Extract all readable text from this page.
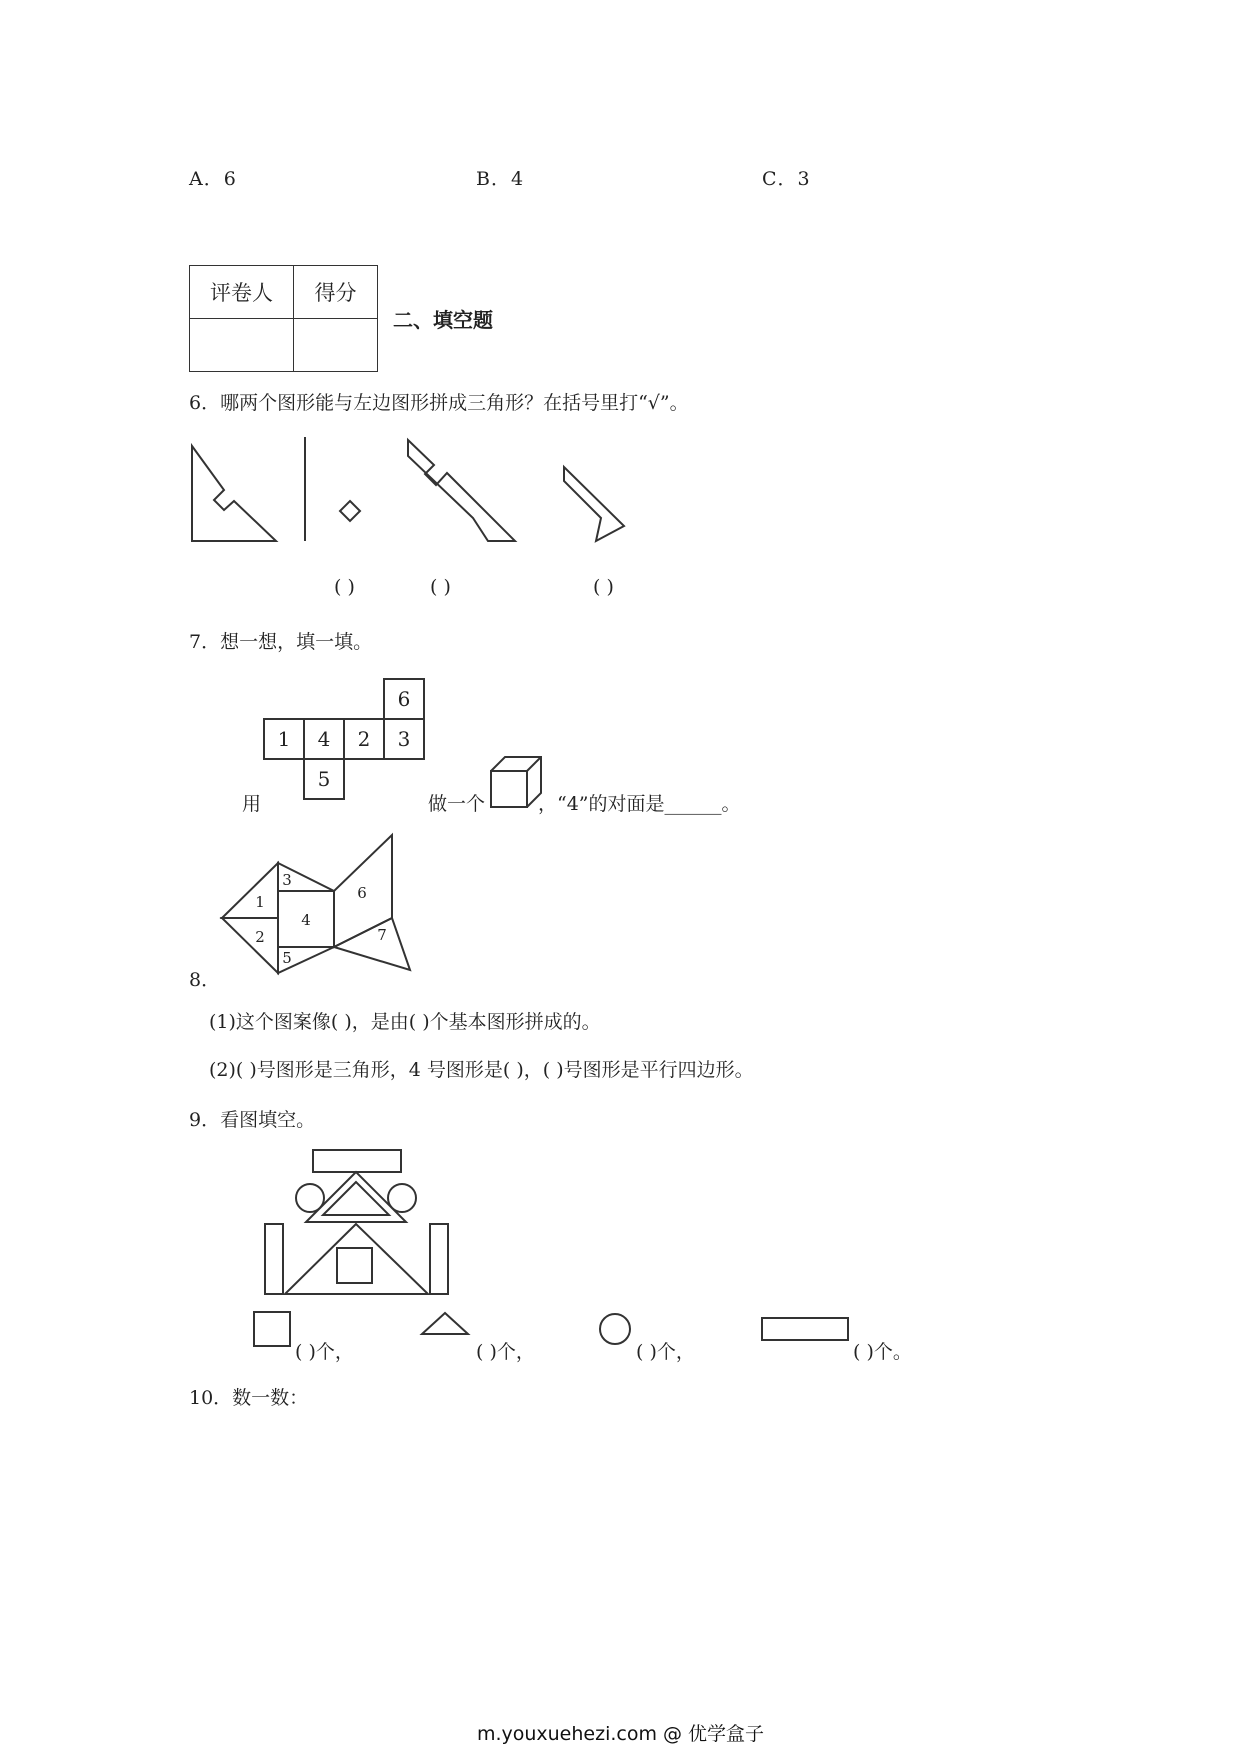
A．6	B．4	C．3
评卷人	得分

二、填空题
6．哪两个图形能与左边图形拼成三角形？在括号里打“√”。
( )	( )	( )
7．想一想，填一填。
1 4 2 3
6
5
用	做一个	，“4”的对面是______。
1
2
3
4
5
6
7
8．
(1)这个图案像( )，是由( )个基本图形拼成的。
(2)( )号图形是三角形，4 号图形是( )，( )号图形是平行四边形。
9．看图填空。
( )个，	( )个，	( )个，	( )个。
10．数一数：
m.youxuehezi.com @ 优学盒子
